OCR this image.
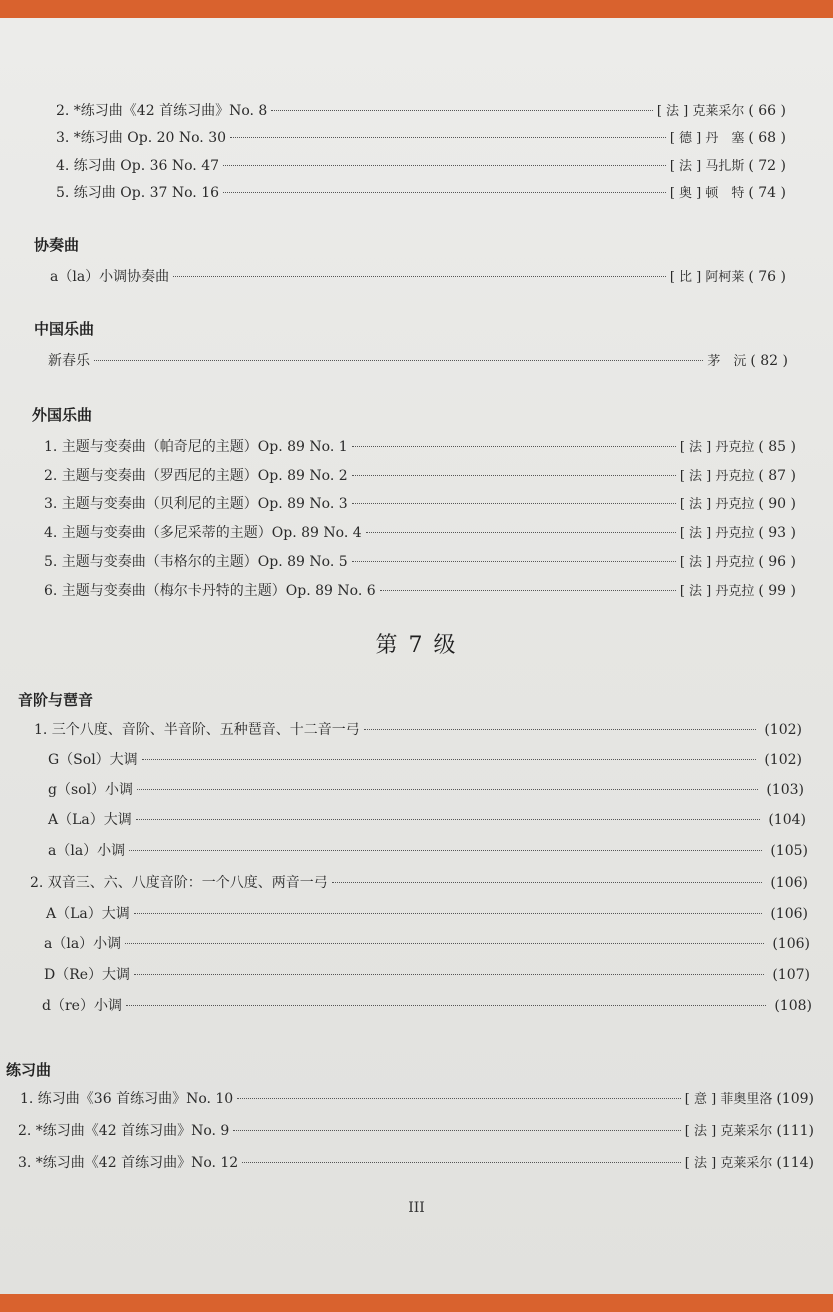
2. *练习曲《42 首练习曲》No. 8	[ 法 ] 克莱采尔 ( 66 )
3. *练习曲 Op. 20 No. 30	[ 德 ] 丹　塞 ( 68 )
4. 练习曲 Op. 36 No. 47	[ 法 ] 马扎斯 ( 72 )
5. 练习曲 Op. 37 No. 16	[ 奥 ] 顿　特 ( 74 )
协奏曲
a（la）小调协奏曲	[ 比 ] 阿柯莱 ( 76 )
中国乐曲
新春乐	茅　沅 ( 82 )
外国乐曲
1. 主题与变奏曲（帕奇尼的主题）Op. 89 No. 1	[ 法 ] 丹克拉 ( 85 )
2. 主题与变奏曲（罗西尼的主题）Op. 89 No. 2	[ 法 ] 丹克拉 ( 87 )
3. 主题与变奏曲（贝利尼的主题）Op. 89 No. 3	[ 法 ] 丹克拉 ( 90 )
4. 主题与变奏曲（多尼采蒂的主题）Op. 89 No. 4	[ 法 ] 丹克拉 ( 93 )
5. 主题与变奏曲（韦格尔的主题）Op. 89 No. 5	[ 法 ] 丹克拉 ( 96 )
6. 主题与变奏曲（梅尔卡丹特的主题）Op. 89 No. 6	[ 法 ] 丹克拉 ( 99 )
第 7 级
音阶与琶音
1. 三个八度、音阶、半音阶、五种琶音、十二音一弓	(102)
G（Sol）大调	(102)
g（sol）小调	(103)
A（La）大调	(104)
a（la）小调	(105)
2. 双音三、六、八度音阶：一个八度、两音一弓	(106)
A（La）大调	(106)
a（la）小调	(106)
D（Re）大调	(107)
d（re）小调	(108)
练习曲
1. 练习曲《36 首练习曲》No. 10	[ 意 ] 菲奥里洛 (109)
2. *练习曲《42 首练习曲》No. 9	[ 法 ] 克莱采尔 (111)
3. *练习曲《42 首练习曲》No. 12	[ 法 ] 克莱采尔 (114)
III
